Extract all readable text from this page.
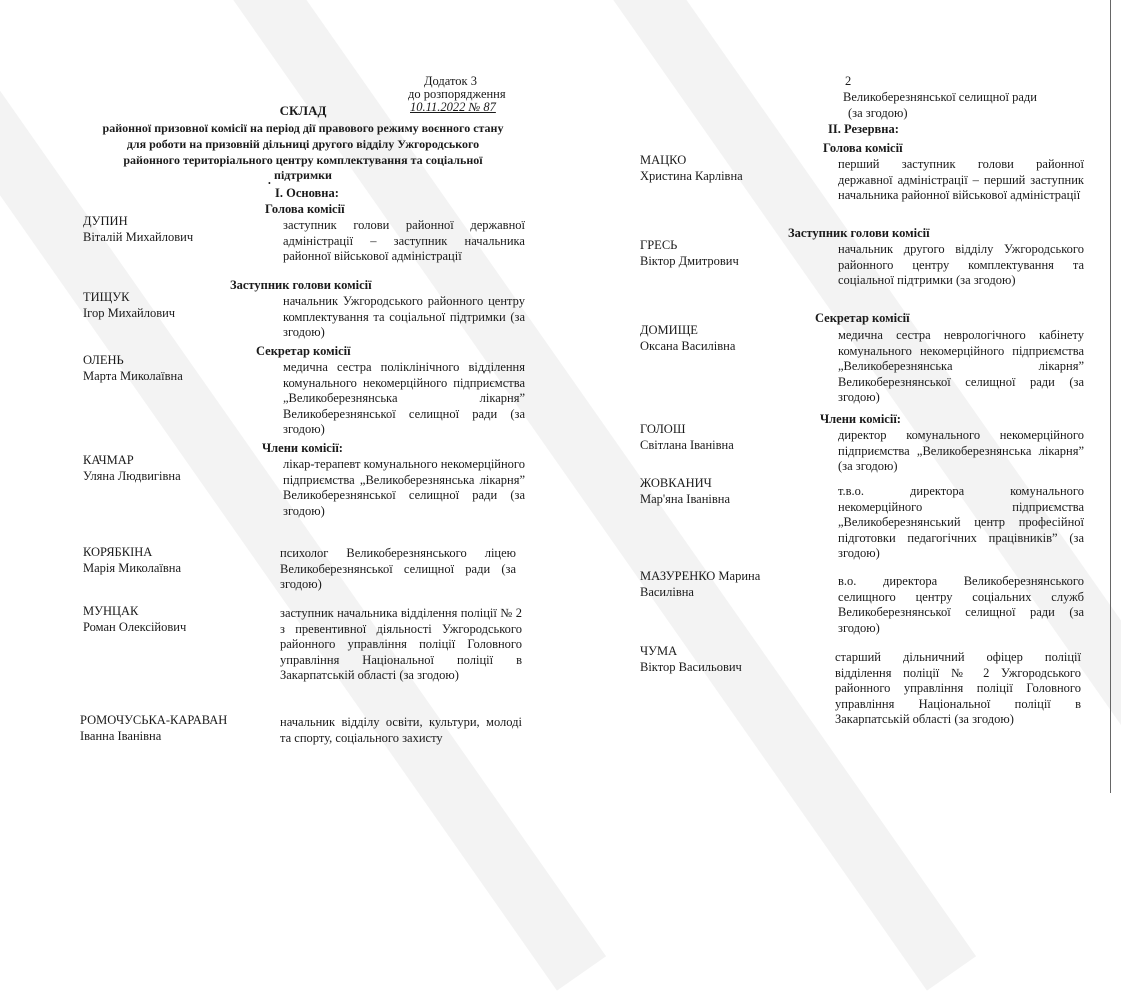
Додаток 3
до розпорядження
10.11.2022 № 87
СКЛАД
районної призовної комісії на період дії правового режиму воєнного стану
для роботи на призовній дільниці другого відділу Ужгородського
районного територіального центру комплектування та соціальної
підтримки
•
І. Основна:
Голова комісії
Заступник голови комісії
Секретар комісії
Члени комісії:
ДУПИН
Віталій Михайлович
заступник голови районної державної адміністрації – заступник начальника районної військової адміністрації
ТИЩУК
Ігор Михайлович
начальник Ужгородського районного центру комплектування та соціальної підтримки (за згодою)
ОЛЕНЬ
Марта Миколаївна
медична сестра поліклінічного відділення комунального некомерційного підприємства „Великоберезнянська лікарня” Великоберезнянської селищної ради (за згодою)
КАЧМАР
Уляна Людвигівна
лікар-терапевт комунального некомерційного підприємства „Великоберезнянська лікарня” Великоберезнянської селищної ради (за згодою)
КОРЯБКІНА
Марія Миколаївна
психолог Великоберезнянського ліцею Великоберезнянської селищної ради (за згодою)
МУНЦАК
Роман Олексійович
заступник начальника відділення поліції № 2 з превентивної діяльності Ужгородського районного управління поліції Головного управління Національної поліції в Закарпатській області (за згодою)
РОМОЧУСЬКА-КАРАВАН
Іванна Іванівна
начальник відділу освіти, культури, молоді та спорту, соціального захисту
2
Великоберезнянської селищної ради
(за згодою)
ІІ. Резервна:
Голова комісії
Заступник голови комісії
Секретар комісії
Члени комісії:
МАЦКО
Христина Карлівна
перший заступник голови районної державної адміністрації – перший заступник начальника районної військової адміністрації
ГРЕСЬ
Віктор Дмитрович
начальник другого відділу Ужгородського районного центру комплектування та соціальної підтримки (за згодою)
ДОМИЩЕ
Оксана Василівна
медична сестра неврологічного кабінету комунального некомерційного підприємства „Великоберезнянська лікарня” Великоберезнянської селищної ради (за згодою)
ГОЛОШ
Світлана Іванівна
директор комунального некомерційного підприємства „Великоберезнянська лікарня” (за згодою)
ЖОВКАНИЧ
Мар'яна Іванівна
т.в.о. директора комунального некомерційного підприємства „Великоберезнянський центр професійної підготовки педагогічних працівників” (за згодою)
МАЗУРЕНКО Марина
Василівна
в.о. директора Великоберезнянського селищного центру соціальних служб Великоберезнянської селищної ради (за згодою)
ЧУМА
Віктор Васильович
старший дільничний офіцер поліції відділення поліції № 2 Ужгородського районного управління поліції Головного управління Національної поліції в Закарпатській області (за згодою)
